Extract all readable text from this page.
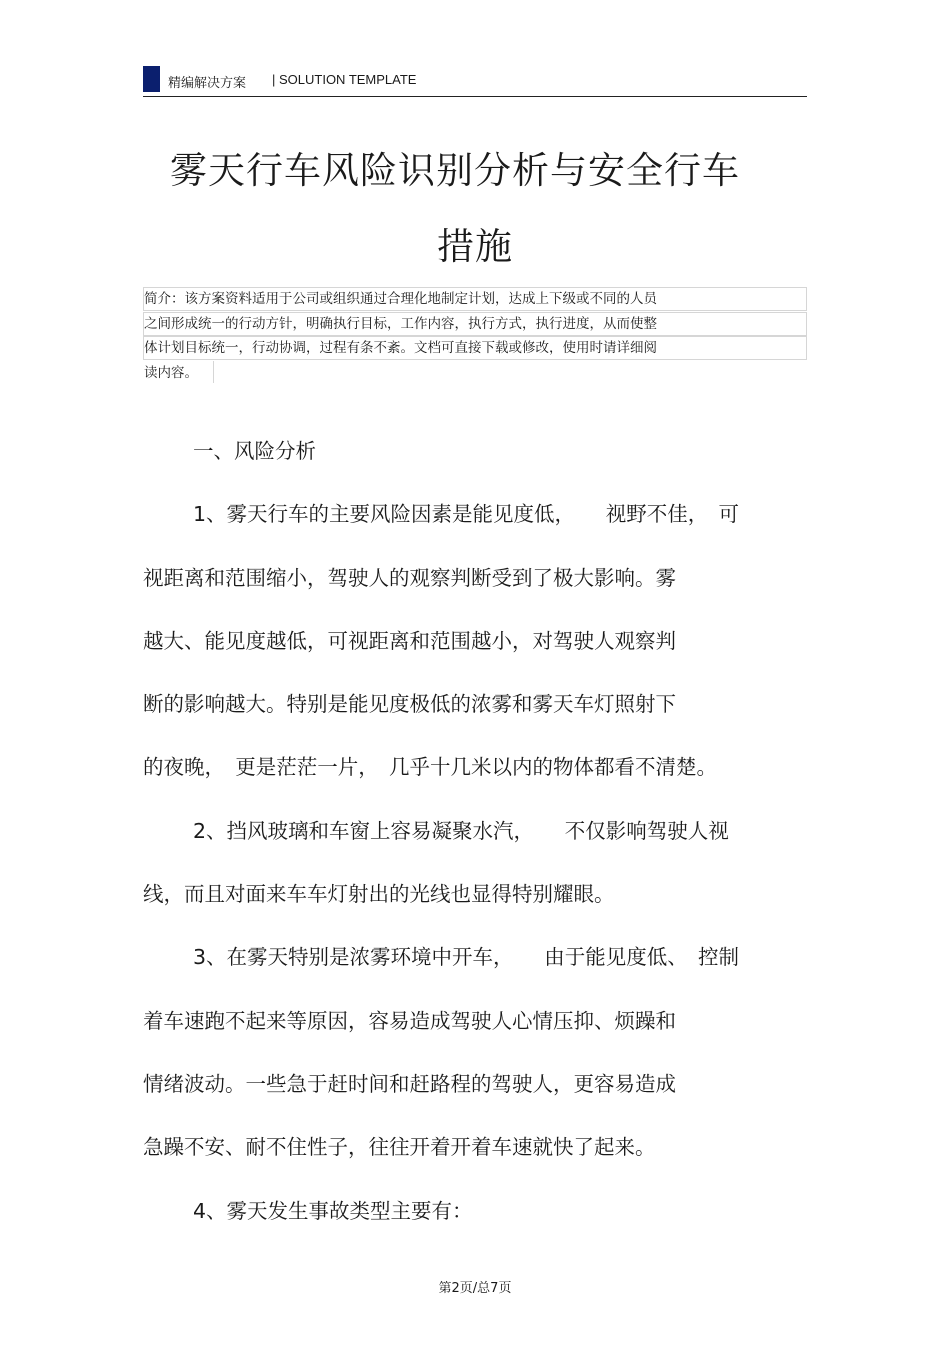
精编解决方案 | SOLUTION TEMPLATE
雾天行车风险识别分析与安全行车
措施
简介：该方案资料适用于公司或组织通过合理化地制定计划，达成上下级或不同的人员
之间形成统一的行动方针，明确执行目标，工作内容，执行方式，执行进度，从而使整
体计划目标统一，行动协调，过程有条不紊。文档可直接下载或修改，使用时请详细阅
读内容。
一、风险分析
1、雾天行车的主要风险因素是能见度低，　　视野不佳，　可
视距离和范围缩小，驾驶人的观察判断受到了极大影响。雾
越大、能见度越低，可视距离和范围越小，对驾驶人观察判
断的影响越大。特别是能见度极低的浓雾和雾天车灯照射下
的夜晚，　更是茫茫一片，　几乎十几米以内的物体都看不清楚。
2、挡风玻璃和车窗上容易凝聚水汽，　　不仅影响驾驶人视
线，而且对面来车车灯射出的光线也显得特别耀眼。
3、在雾天特别是浓雾环境中开车，　　由于能见度低、　控制
着车速跑不起来等原因，容易造成驾驶人心情压抑、烦躁和
情绪波动。一些急于赶时间和赶路程的驾驶人，更容易造成
急躁不安、耐不住性子，往往开着开着车速就快了起来。
4、雾天发生事故类型主要有：
第2页/总7页
